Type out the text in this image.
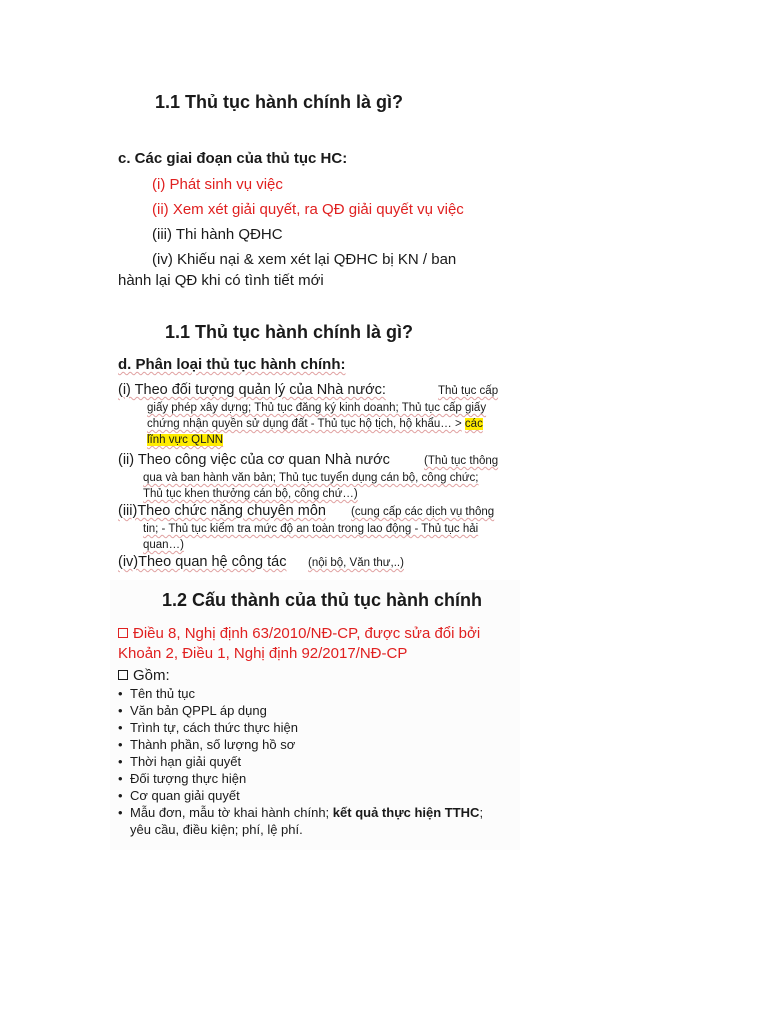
1.1 Thủ tục hành chính là gì?
c. Các giai đoạn của thủ tục HC:
(i) Phát sinh vụ việc
(ii) Xem xét giải quyết, ra QĐ giải quyết vụ việc
(iii) Thi hành QĐHC
(iv) Khiếu nại & xem xét lại QĐHC bị KN / ban
hành lại QĐ khi có tình tiết mới
1.1 Thủ tục hành chính là gì?
d. Phân loại thủ tục hành chính:
(i) Theo đối tượng quản lý của Nhà nước:	Thủ tục cấp
giấy phép xây dựng; Thủ tục đăng ký kinh doanh; Thủ tục cấp giấy
chứng nhận quyền sử dụng đất - Thủ tục hộ tịch, hộ khẩu… > các
lĩnh vực QLNN
(ii) Theo công việc của cơ quan Nhà nước	(Thủ tục thông
qua và ban hành văn bản; Thủ tục tuyển dụng cán bộ, công chức;
Thủ tục khen thưởng cán bộ, công chứ…)
(iii)Theo chức năng chuyên môn (cung cấp các dịch vụ thông
tin; - Thủ tục kiểm tra mức độ an toàn trong lao động - Thủ tục hải
quan…)
(iv)Theo quan hệ công tác (nội bộ, Văn thư,..)
1.2 Cấu thành của thủ tục hành chính
Điều 8, Nghị định 63/2010/NĐ-CP, được sửa đổi bởi
Khoản 2, Điều 1, Nghị định 92/2017/NĐ-CP
Gồm:
• Tên thủ tục
• Văn bản QPPL áp dụng
• Trình tự, cách thức thực hiện
• Thành phần, số lượng hồ sơ
• Thời hạn giải quyết
• Đối tượng thực hiện
• Cơ quan giải quyết
• Mẫu đơn, mẫu tờ khai hành chính; kết quả thực hiện TTHC;
yêu cầu, điều kiện; phí, lệ phí.
